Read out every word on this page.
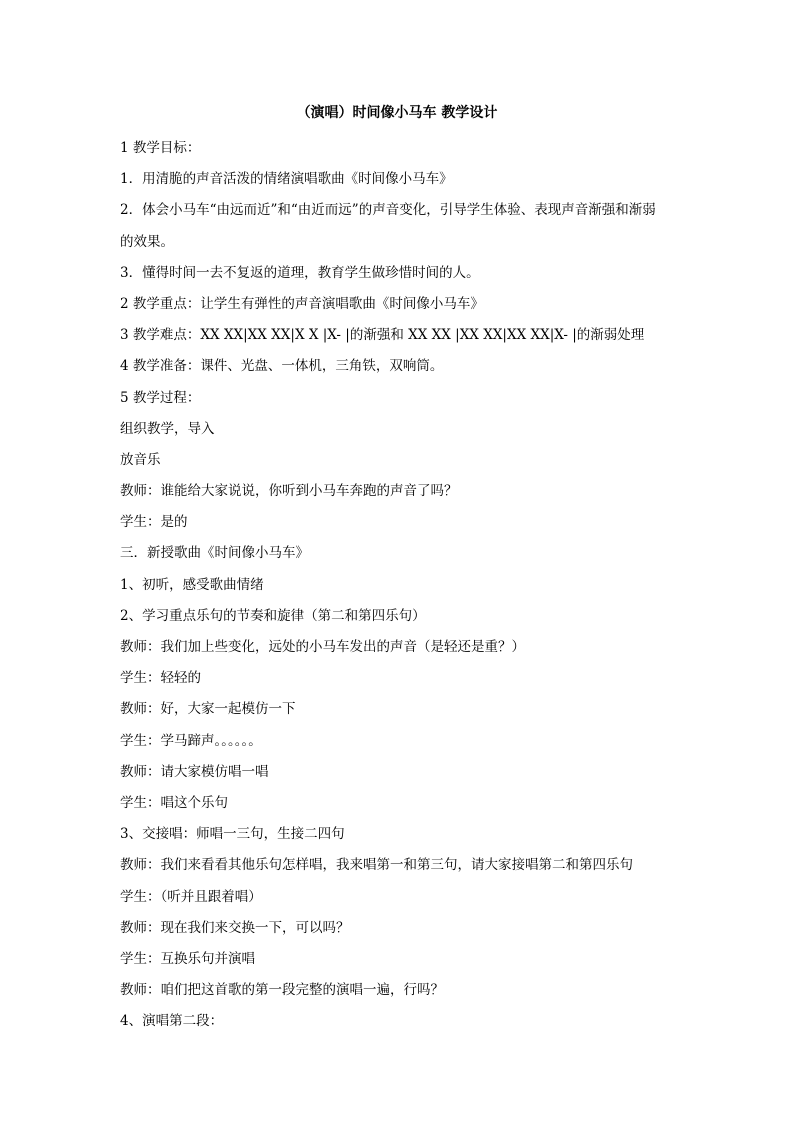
（演唱）时间像小马车 教学设计
1 教学目标：
1．用清脆的声音活泼的情绪演唱歌曲《时间像小马车》
2．体会小马车“由远而近”和“由近而远”的声音变化，引导学生体验、表现声音渐强和渐弱
的效果。
3．懂得时间一去不复返的道理，教育学生做珍惜时间的人。
2 教学重点：让学生有弹性的声音演唱歌曲《时间像小马车》
3 教学难点：XX XX|XX XX|X X |X- |的渐强和 XX XX |XX XX|XX XX|X- |的渐弱处理
4 教学准备：课件、光盘、一体机，三角铁，双响筒。
5 教学过程：
组织教学，导入
放音乐
教师：谁能给大家说说，你听到小马车奔跑的声音了吗？
学生：是的
三．新授歌曲《时间像小马车》
1、初听，感受歌曲情绪
2、学习重点乐句的节奏和旋律（第二和第四乐句）
教师：我们加上些变化，远处的小马车发出的声音（是轻还是重？）
学生：轻轻的
教师：好，大家一起模仿一下
学生：学马蹄声。。。。。。
教师：请大家模仿唱一唱
学生：唱这个乐句
3、交接唱：师唱一三句，生接二四句
教师：我们来看看其他乐句怎样唱，我来唱第一和第三句，请大家接唱第二和第四乐句
学生：（听并且跟着唱）
教师：现在我们来交换一下，可以吗？
学生：互换乐句并演唱
教师：咱们把这首歌的第一段完整的演唱一遍，行吗？
4、演唱第二段：
